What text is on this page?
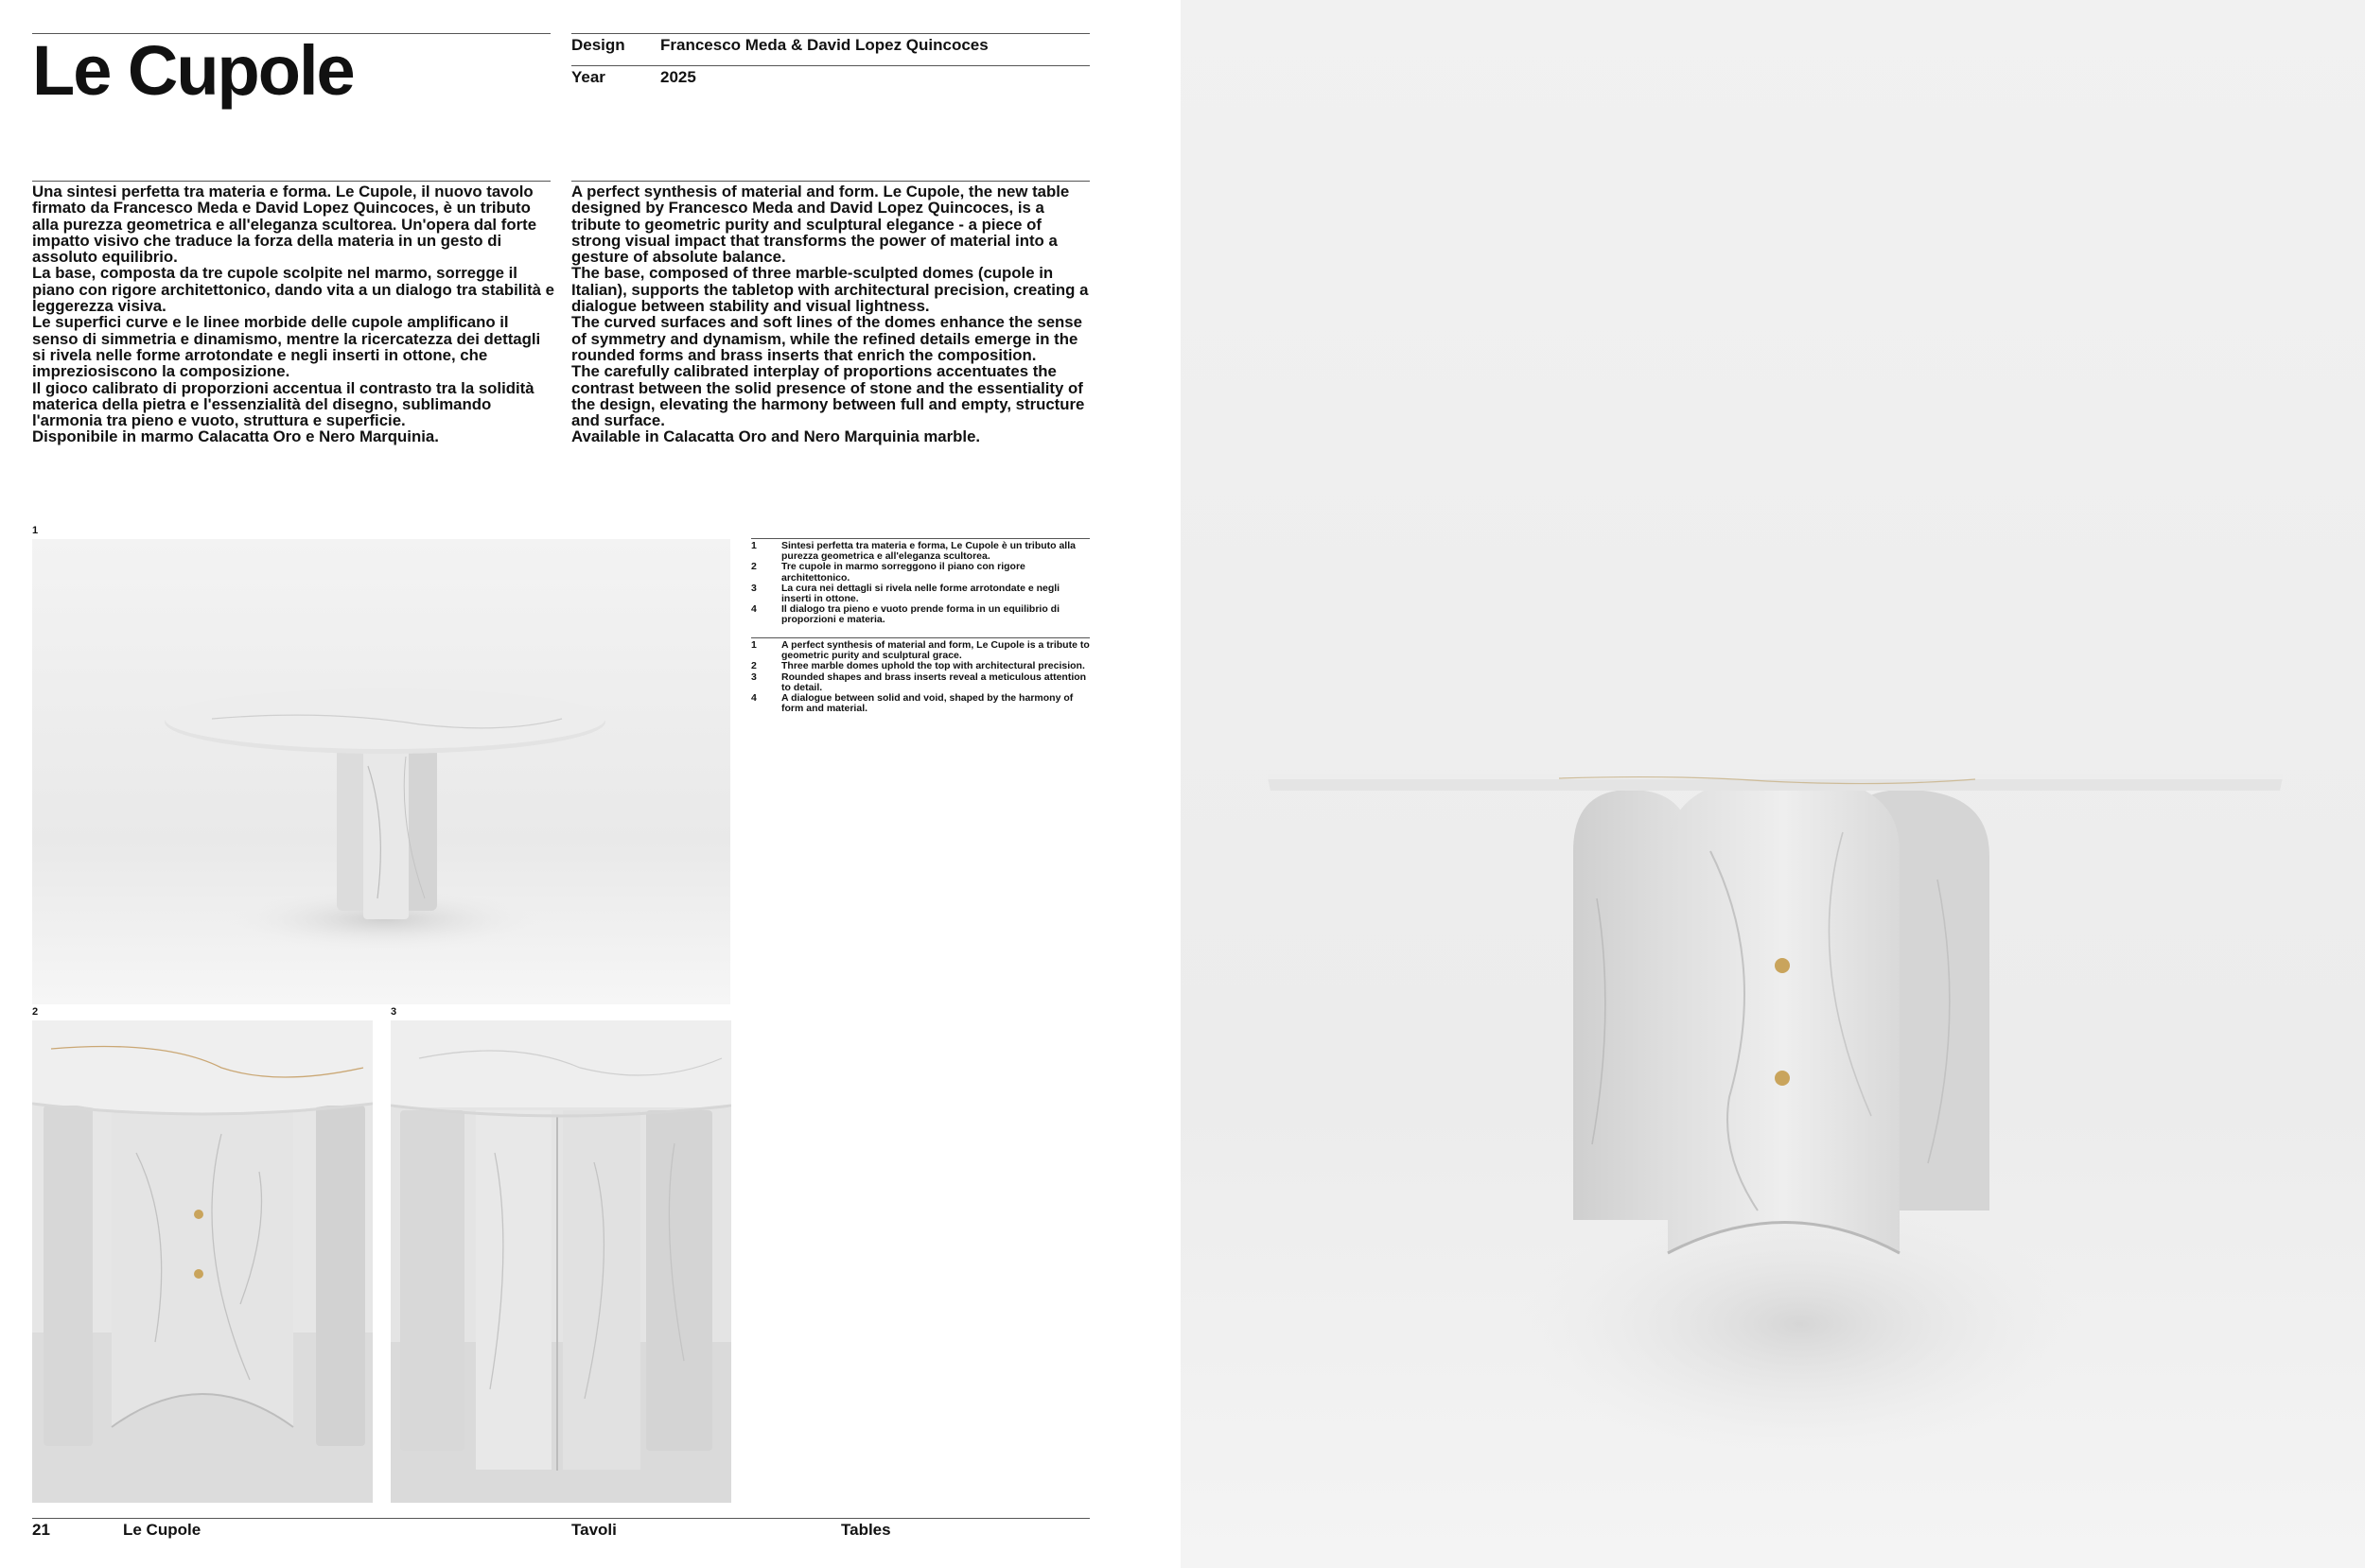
Le Cupole	Design Francesco Meda & David Lopez Quincoces
Year	2025

Una sintesi perfetta tra materia e forma. Le Cupole, il nuovo tavolo firmato da Francesco Meda e David Lopez Quincoces, è un tributo alla purezza geometrica e all'eleganza scultorea. Un'opera dal forte impatto visivo che traduce la forza della materia in un gesto di assoluto equilibrio.

La base, composta da tre cupole scolpite nel marmo, sorregge il piano con rigore architettonico, dando vita a un dialogo tra stabilità e leggerezza visiva.

Le superfici curve e le linee morbide delle cupole amplificano il senso di simmetria e dinamismo, mentre la ricercatezza dei dettagli si rivela nelle forme arrotondate e negli inserti in ottone, che impreziosiscono la composizione.

Il gioco calibrato di proporzioni accentua il contrasto tra la solidità materica della pietra e l'essenzialità del disegno, sublimando l'armonia tra pieno e vuoto, struttura e superficie.

Disponibile in marmo Calacatta Oro e Nero Marquinia.

A perfect synthesis of material and form. Le Cupole, the new table designed by Francesco Meda and David Lopez Quincoces, is a tribute to geometric purity and sculptural elegance - a piece of strong visual impact that transforms the power of material into a gesture of absolute balance.

The base, composed of three marble-sculpted domes (cupole in Italian), supports the tabletop with architectural precision, creating a dialogue between stability and visual lightness.

The curved surfaces and soft lines of the domes enhance the sense of symmetry and dynamism, while the refined details emerge in the rounded forms and brass inserts that enrich the composition.

The carefully calibrated interplay of proportions accentuates the contrast between the solid presence of stone and the essentiality of the design, elevating the harmony between full and empty, structure and surface.

Available in Calacatta Oro and Nero Marquinia marble.

1
2	3
1 Sintesi perfetta tra materia e forma, Le Cupole è un tributo alla purezza geometrica e all'eleganza scultorea.
2 Tre cupole in marmo sorreggono il piano con rigore architettonico.
3 La cura nei dettagli si rivela nelle forme arrotondate e negli inserti in ottone.
4 Il dialogo tra pieno e vuoto prende forma in un equilibrio di proporzioni e materia.
1 A perfect synthesis of material and form, Le Cupole is a tribute to geometric purity and sculptural grace.
2 Three marble domes uphold the top with architectural precision.
3 Rounded shapes and brass inserts reveal a meticulous attention to detail.
4 A dialogue between solid and void, shaped by the harmony of form and material.
21	Le Cupole	Tavoli	Tables
